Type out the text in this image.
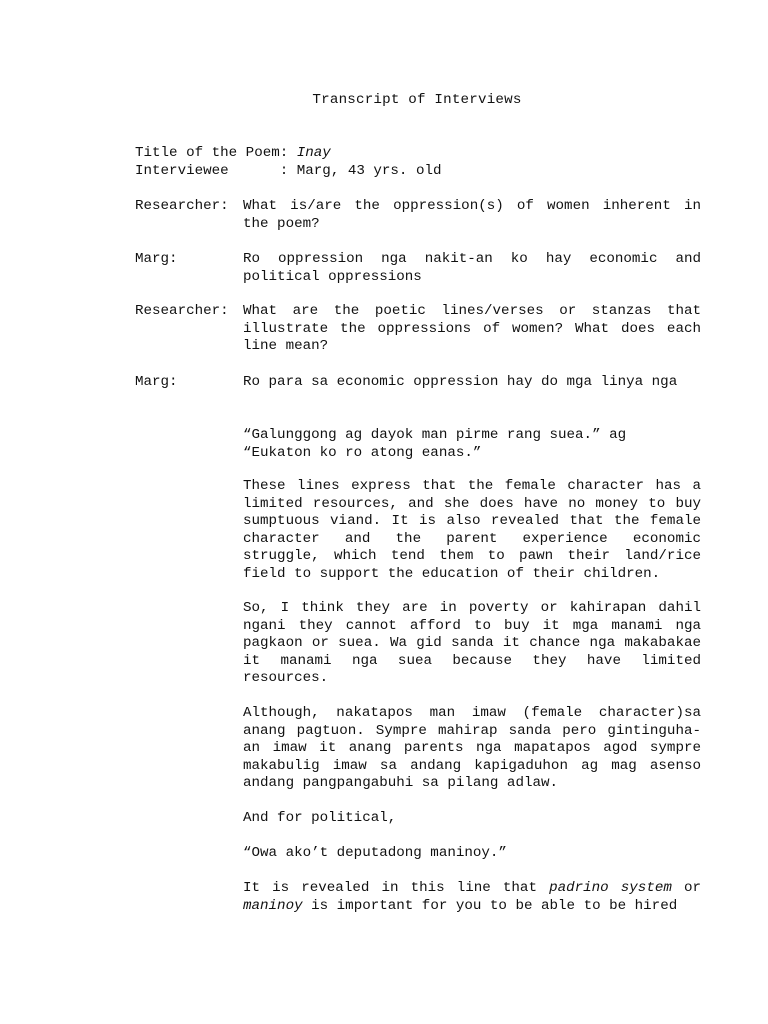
Transcript of Interviews
Title of the Poem:
Inay
Interviewee      :
Marg, 43 yrs. old
Researcher:	What is/are the oppression(s) of women inherent in the poem?
Marg:	Ro oppression nga nakit-an ko hay economic and political oppressions
Researcher:	What are the poetic lines/verses or stanzas that illustrate the oppressions of women? What does each line mean?
Marg:	Ro para sa economic oppression hay do mga linya nga
“Galunggong ag dayok man pirme rang suea.” ag
“Eukaton ko ro atong eanas.”
These lines express that the female character has a limited resources, and she does have no money to buy sumptuous viand. It is also revealed that the female character and the parent experience economic struggle, which tend them to pawn their land/rice field to support the education of their children.
So, I think they are in poverty or kahirapan dahil ngani they cannot afford to buy it mga manami nga pagkaon or suea. Wa gid sanda it chance nga makabakae it manami nga suea because they have limited resources.
Although, nakatapos man imaw (female character)sa anang pagtuon. Sympre mahirap sanda pero gintinguha-an imaw it anang parents nga mapatapos agod sympre makabulig imaw sa andang kapigaduhon ag mag asenso andang pangpangabuhi sa pilang adlaw.
And for political,
“Owa ako’t deputadong maninoy.”
It is revealed in this line that padrino system or maninoy is important for you to be able to be hired
